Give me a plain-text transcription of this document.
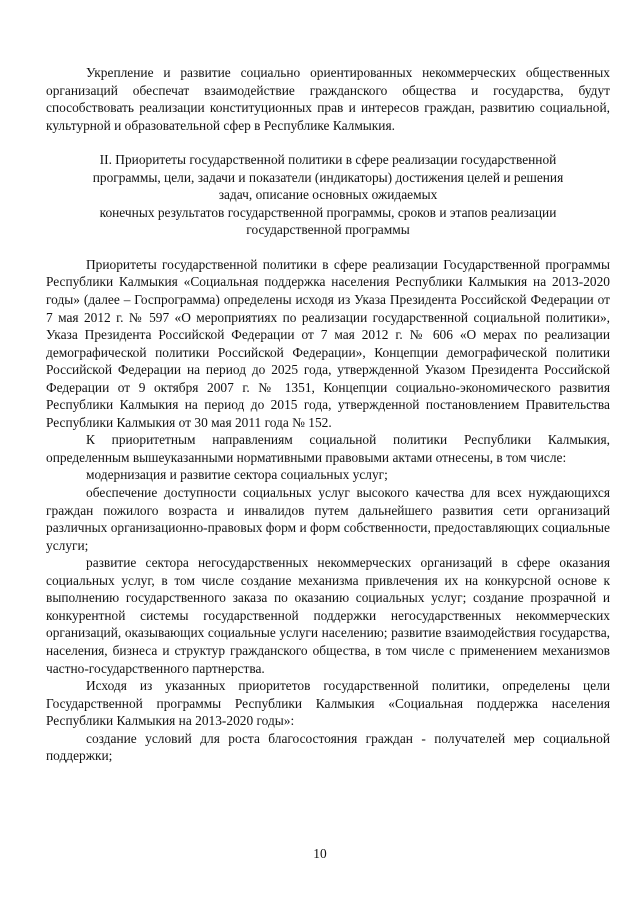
Укрепление и развитие социально ориентированных некоммерческих общественных организаций обеспечат взаимодействие гражданского общества и государства, будут способствовать реализации конституционных прав и интересов граждан, развитию социальной, культурной и образовательной сфер в Республике Калмыкия.

II. Приоритеты государственной политики в сфере реализации государственной
программы, цели, задачи и показатели (индикаторы) достижения целей и решения
задач, описание основных ожидаемых
конечных результатов государственной программы, сроков и этапов реализации
государственной программы

Приоритеты государственной политики в сфере реализации Государственной программы Республики Калмыкия «Социальная поддержка населения Республики Калмыкия на 2013-2020 годы» (далее – Госпрограмма) определены исходя из Указа Президента Российской Федерации от 7 мая 2012 г. № 597 «О мероприятиях по реализации государственной социальной политики», Указа Президента Российской Федерации от 7 мая 2012 г. № 606 «О мерах по реализации демографической политики Российской Федерации», Концепции демографической политики Российской Федерации на период до 2025 года, утвержденной Указом Президента Российской Федерации от 9 октября 2007 г. № 1351, Концепции социально-экономического развития Республики Калмыкия на период до 2015 года, утвержденной постановлением Правительства Республики Калмыкия от 30 мая 2011 года № 152.

К приоритетным направлениям социальной политики Республики Калмыкия, определенным вышеуказанными нормативными правовыми актами отнесены, в том числе:

модернизация и развитие сектора социальных услуг;

обеспечение доступности социальных услуг высокого качества для всех нуждающихся граждан пожилого возраста и инвалидов путем дальнейшего развития сети организаций различных организационно-правовых форм и форм собственности, предоставляющих социальные услуги;

развитие сектора негосударственных некоммерческих организаций в сфере оказания социальных услуг, в том числе создание механизма привлечения их на конкурсной основе к выполнению государственного заказа по оказанию социальных услуг; создание прозрачной и конкурентной системы государственной поддержки негосударственных некоммерческих организаций, оказывающих социальные услуги населению; развитие взаимодействия государства, населения, бизнеса и структур гражданского общества, в том числе с применением механизмов частно-государственного партнерства.

Исходя из указанных приоритетов государственной политики, определены цели Государственной программы Республики Калмыкия «Социальная поддержка населения Республики Калмыкия на 2013-2020 годы»:

создание условий для роста благосостояния граждан - получателей мер социальной поддержки;

10
